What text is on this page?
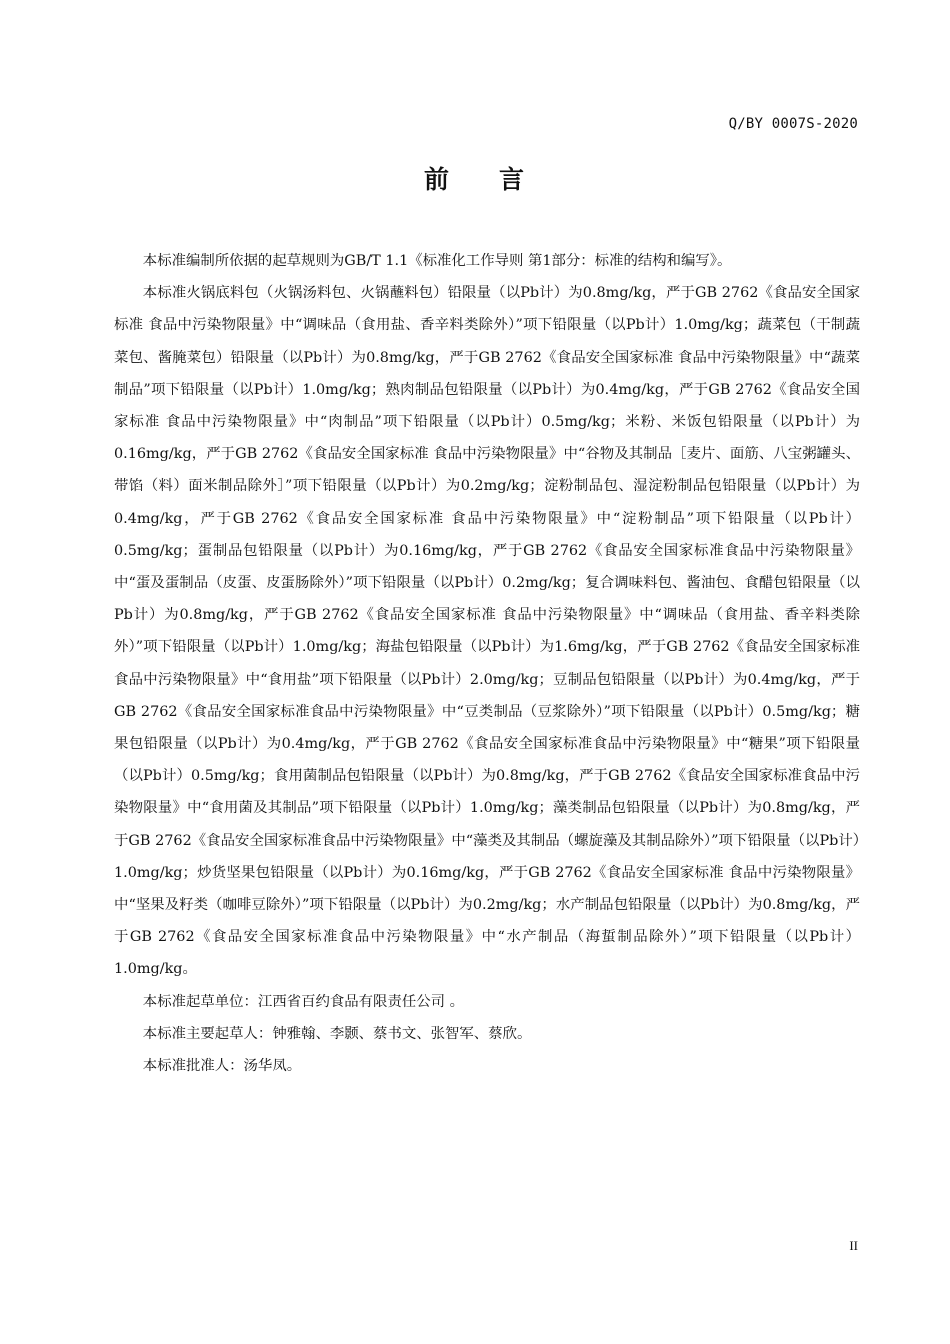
Q/BY 0007S-2020
前 言

本标准编制所依据的起草规则为GB/T 1.1《标准化工作导则 第1部分：标准的结构和编写》。

本标准火锅底料包（火锅汤料包、火锅蘸料包）铅限量（以Pb计）为0.8mg/kg，严于GB 2762《食品安全国家标准 食品中污染物限量》中“调味品（食用盐、香辛料类除外）”项下铅限量（以Pb计）1.0mg/kg；蔬菜包（干制蔬菜包、酱腌菜包）铅限量（以Pb计）为0.8mg/kg，严于GB 2762《食品安全国家标准 食品中污染物限量》中“蔬菜制品”项下铅限量（以Pb计）1.0mg/kg；熟肉制品包铅限量（以Pb计）为0.4mg/kg，严于GB 2762《食品安全国家标准 食品中污染物限量》中“肉制品”项下铅限量（以Pb计）0.5mg/kg；米粉、米饭包铅限量（以Pb计）为0.16mg/kg，严于GB 2762《食品安全国家标准 食品中污染物限量》中“谷物及其制品［麦片、面筋、八宝粥罐头、带馅（料）面米制品除外］”项下铅限量（以Pb计）为0.2mg/kg；淀粉制品包、湿淀粉制品包铅限量（以Pb计）为0.4mg/kg，严于GB 2762《食品安全国家标准 食品中污染物限量》中“淀粉制品”项下铅限量（以Pb计）0.5mg/kg；蛋制品包铅限量（以Pb计）为0.16mg/kg，严于GB 2762《食品安全国家标准食品中污染物限量》中“蛋及蛋制品（皮蛋、皮蛋肠除外）”项下铅限量（以Pb计）0.2mg/kg；复合调味料包、酱油包、食醋包铅限量（以Pb计）为0.8mg/kg，严于GB 2762《食品安全国家标准 食品中污染物限量》中“调味品（食用盐、香辛料类除外）”项下铅限量（以Pb计）1.0mg/kg；海盐包铅限量（以Pb计）为1.6mg/kg，严于GB 2762《食品安全国家标准食品中污染物限量》中“食用盐”项下铅限量（以Pb计）2.0mg/kg；豆制品包铅限量（以Pb计）为0.4mg/kg，严于GB 2762《食品安全国家标准食品中污染物限量》中“豆类制品（豆浆除外）”项下铅限量（以Pb计）0.5mg/kg；糖果包铅限量（以Pb计）为0.4mg/kg，严于GB 2762《食品安全国家标准食品中污染物限量》中“糖果”项下铅限量（以Pb计）0.5mg/kg；食用菌制品包铅限量（以Pb计）为0.8mg/kg，严于GB 2762《食品安全国家标准食品中污染物限量》中“食用菌及其制品”项下铅限量（以Pb计）1.0mg/kg；藻类制品包铅限量（以Pb计）为0.8mg/kg，严于GB 2762《食品安全国家标准食品中污染物限量》中“藻类及其制品（螺旋藻及其制品除外）”项下铅限量（以Pb计）1.0mg/kg；炒货坚果包铅限量（以Pb计）为0.16mg/kg，严于GB 2762《食品安全国家标准 食品中污染物限量》中“坚果及籽类（咖啡豆除外）”项下铅限量（以Pb计）为0.2mg/kg；水产制品包铅限量（以Pb计）为0.8mg/kg，严于GB 2762《食品安全国家标准食品中污染物限量》中“水产制品（海蜇制品除外）”项下铅限量（以Pb计）1.0mg/kg。

本标准起草单位：江西省百约食品有限责任公司 。

本标准主要起草人：钟雅翰、李颢、蔡书文、张智军、蔡欣。

本标准批准人：汤华凤。

II
